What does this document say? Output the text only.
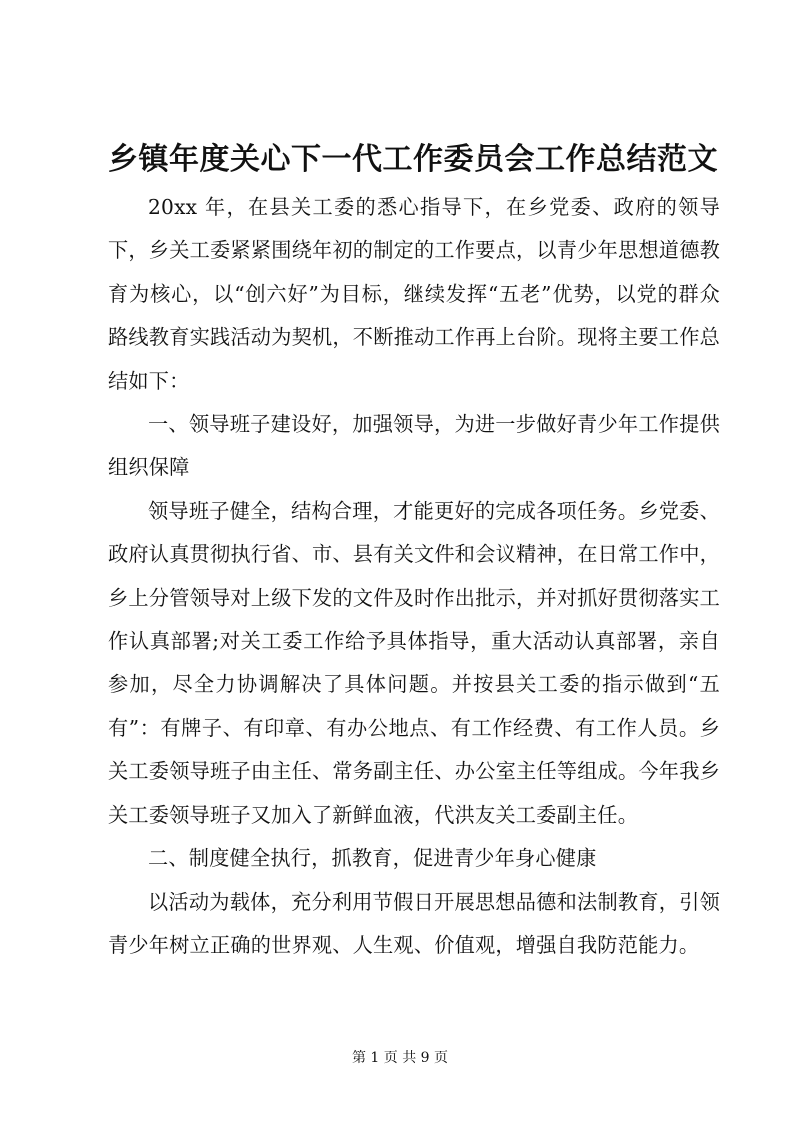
乡镇年度关心下一代工作委员会工作总结范文

20xx 年，在县关工委的悉心指导下，在乡党委、政府的领导下，乡关工委紧紧围绕年初的制定的工作要点，以青少年思想道德教育为核心，以“创六好”为目标，继续发挥“五老”优势，以党的群众路线教育实践活动为契机，不断推动工作再上台阶。现将主要工作总结如下：

一、领导班子建设好，加强领导，为进一步做好青少年工作提供组织保障

领导班子健全，结构合理，才能更好的完成各项任务。乡党委、政府认真贯彻执行省、市、县有关文件和会议精神，在日常工作中，乡上分管领导对上级下发的文件及时作出批示，并对抓好贯彻落实工作认真部署;对关工委工作给予具体指导，重大活动认真部署，亲自参加，尽全力协调解决了具体问题。并按县关工委的指示做到“五有”：有牌子、有印章、有办公地点、有工作经费、有工作人员。乡关工委领导班子由主任、常务副主任、办公室主任等组成。今年我乡关工委领导班子又加入了新鲜血液，代洪友关工委副主任。

二、制度健全执行，抓教育，促进青少年身心健康

以活动为载体，充分利用节假日开展思想品德和法制教育，引领青少年树立正确的世界观、人生观、价值观，增强自我防范能力。

第 1 页 共 9 页
